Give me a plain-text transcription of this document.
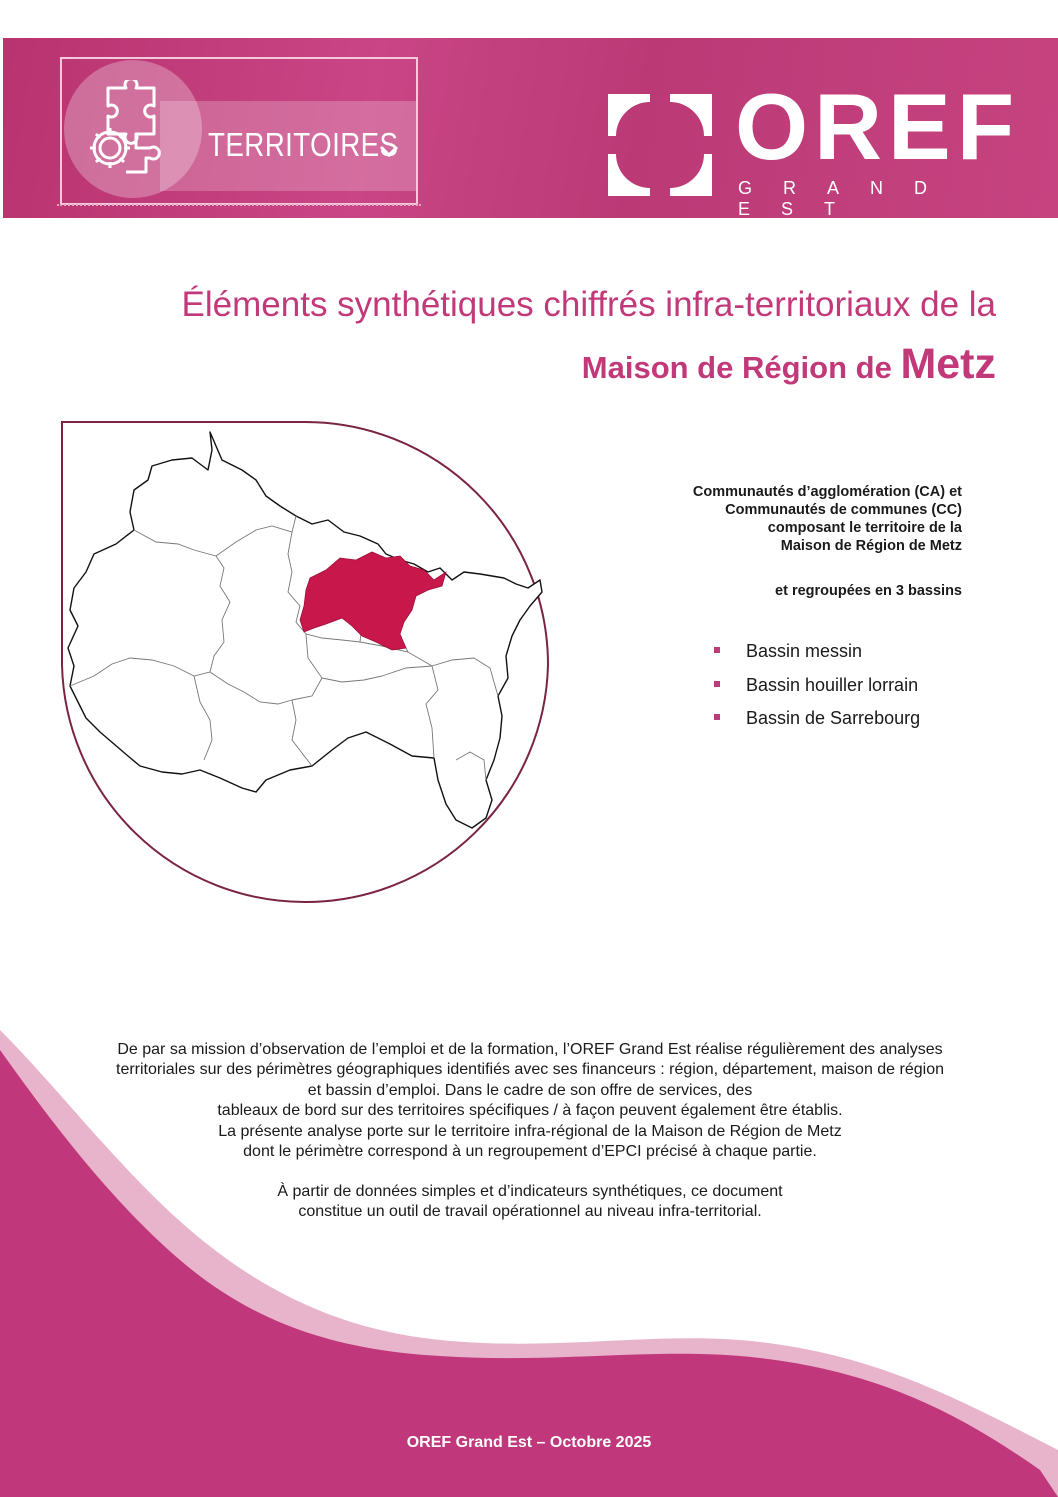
TERRITOIRES	OREF
GRAND EST
Éléments synthétiques chiffrés infra-territoriaux de la
Maison de Région de Metz
Communautés d’agglomération (CA) et
Communautés de communes (CC)
composant le territoire de la
Maison de Région de Metz
et regroupées en 3 bassins
Bassin messin
Bassin houiller lorrain
Bassin de Sarrebourg
De par sa mission d’observation de l’emploi et de la formation, l’OREF Grand Est réalise régulièrement des analyses
territoriales sur des périmètres géographiques identifiés avec ses financeurs : région, département, maison de région
et bassin d’emploi. Dans le cadre de son offre de services, des
tableaux de bord sur des territoires spécifiques / à façon peuvent également être établis.
La présente analyse porte sur le territoire infra-régional de la Maison de Région de Metz
dont le périmètre correspond à un regroupement d’EPCI précisé à chaque partie.
À partir de données simples et d’indicateurs synthétiques, ce document
constitue un outil de travail opérationnel au niveau infra-territorial.
OREF Grand Est – Octobre 2025
